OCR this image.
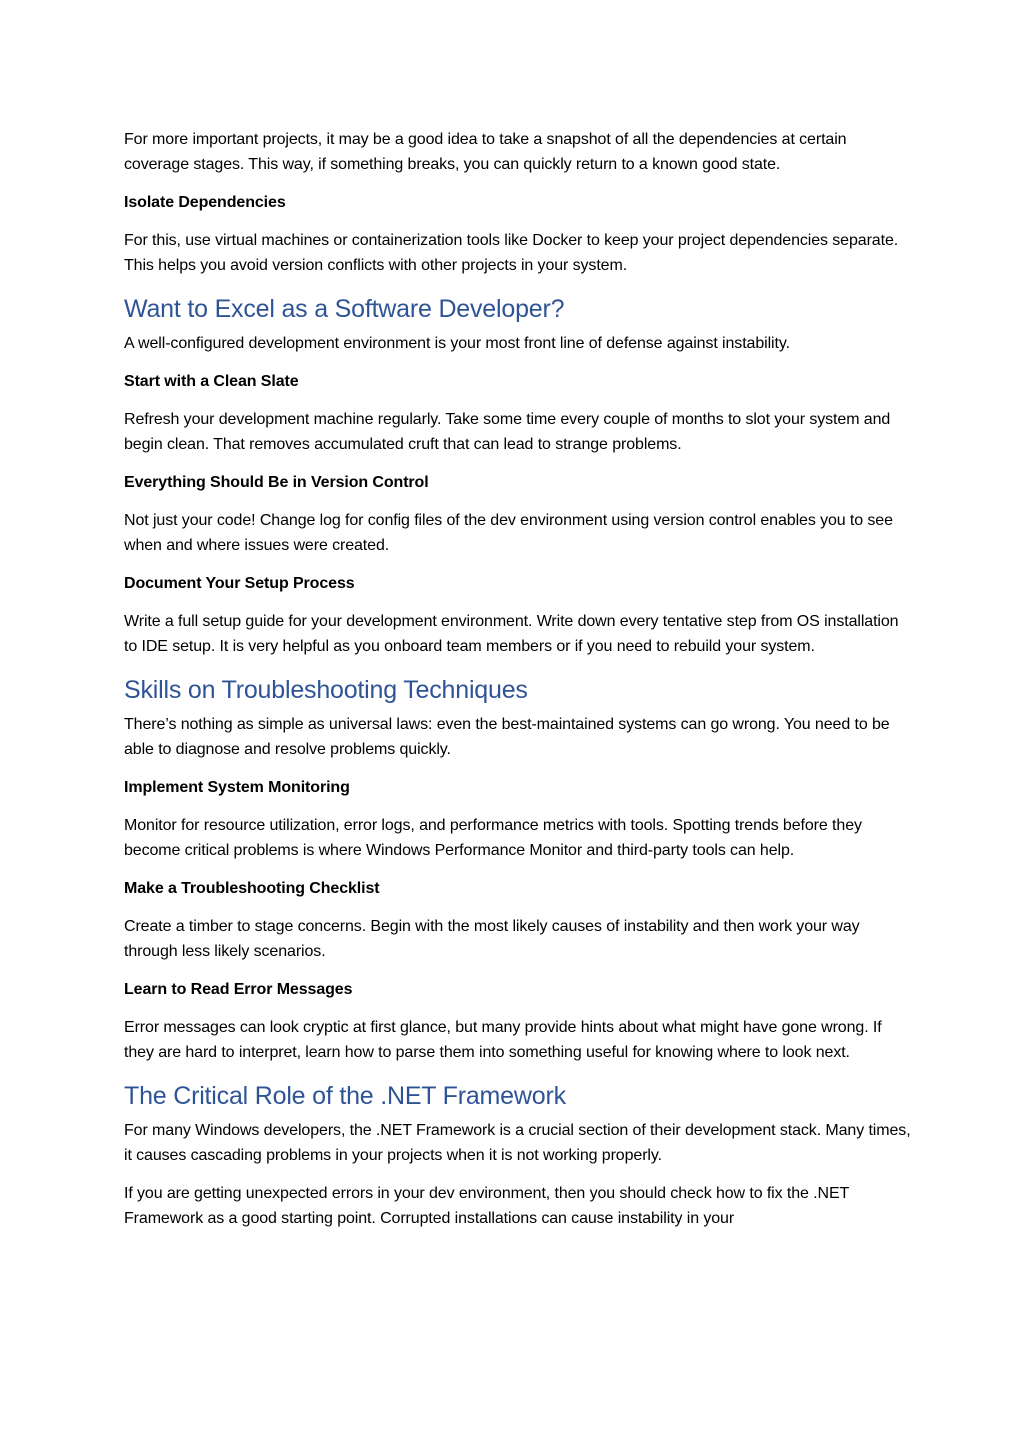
For more important projects, it may be a good idea to take a snapshot of all the dependencies at certain coverage stages. This way, if something breaks, you can quickly return to a known good state.

Isolate Dependencies

For this, use virtual machines or containerization tools like Docker to keep your project dependencies separate. This helps you avoid version conflicts with other projects in your system.

Want to Excel as a Software Developer?

A well-configured development environment is your most front line of defense against instability.

Start with a Clean Slate

Refresh your development machine regularly. Take some time every couple of months to slot your system and begin clean. That removes accumulated cruft that can lead to strange problems.

Everything Should Be in Version Control

Not just your code! Change log for config files of the dev environment using version control enables you to see when and where issues were created.

Document Your Setup Process

Write a full setup guide for your development environment. Write down every tentative step from OS installation to IDE setup. It is very helpful as you onboard team members or if you need to rebuild your system.

Skills on Troubleshooting Techniques

There’s nothing as simple as universal laws: even the best-maintained systems can go wrong. You need to be able to diagnose and resolve problems quickly.

Implement System Monitoring

Monitor for resource utilization, error logs, and performance metrics with tools. Spotting trends before they become critical problems is where Windows Performance Monitor and third-party tools can help.

Make a Troubleshooting Checklist

Create a timber to stage concerns. Begin with the most likely causes of instability and then work your way through less likely scenarios.

Learn to Read Error Messages

Error messages can look cryptic at first glance, but many provide hints about what might have gone wrong. If they are hard to interpret, learn how to parse them into something useful for knowing where to look next.

The Critical Role of the .NET Framework

For many Windows developers, the .NET Framework is a crucial section of their development stack. Many times, it causes cascading problems in your projects when it is not working properly.

If you are getting unexpected errors in your dev environment, then you should check how to fix the .NET Framework as a good starting point. Corrupted installations can cause instability in your
